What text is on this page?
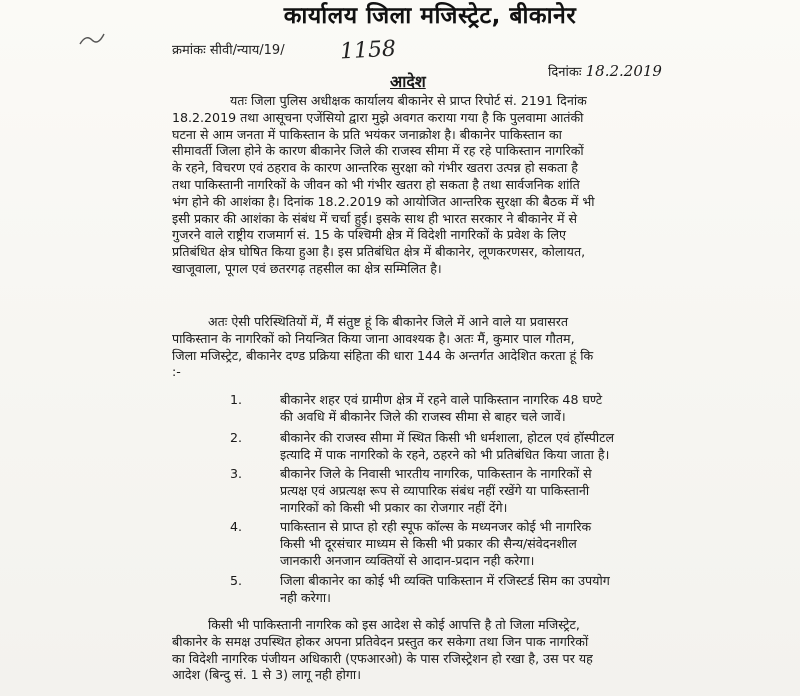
कार्यालय जिला मजिस्ट्रेट, बीकानेर
क्रमांकः सीवी/न्याय/19/ 1158
आदेश	दिनांकः 18.2.2019
यतः जिला पुलिस अधीक्षक कार्यालय बीकानेर से प्राप्त रिपोर्ट सं. 2191 दिनांक
18.2.2019 तथा आसूचना एजेंसियो द्वारा मुझे अवगत कराया गया है कि पुलवामा आतंकी
घटना से आम जनता में पाकिस्तान के प्रति भयंकर जनाक्रोश है। बीकानेर पाकिस्तान का
सीमावर्ती जिला होने के कारण बीकानेर जिले की राजस्व सीमा में रह रहे पाकिस्तान नागरिकों
के रहने, विचरण एवं ठहराव के कारण आन्तरिक सुरक्षा को गंभीर खतरा उत्पन्न हो सकता है
तथा पाकिस्तानी नागरिकों के जीवन को भी गंभीर खतरा हो सकता है तथा सार्वजनिक शांति
भंग होने की आशंका है। दिनांक 18.2.2019 को आयोजित आन्तरिक सुरक्षा की बैठक में भी
इसी प्रकार की आशंका के संबंध में चर्चा हुई। इसके साथ ही भारत सरकार ने बीकानेर में से
गुजरने वाले राष्ट्रीय राजमार्ग सं. 15 के पश्चिमी क्षेत्र में विदेशी नागरिकों के प्रवेश के लिए
प्रतिबंधित क्षेत्र घोषित किया हुआ है। इस प्रतिबंधित क्षेत्र में बीकानेर, लूणकरणसर, कोलायत,
खाजूवाला, पूगल एवं छतरगढ़ तहसील का क्षेत्र सम्मिलित है।
अतः ऐसी परिस्थितियों में, मैं संतुष्ट हूं कि बीकानेर जिले में आने वाले या प्रवासरत
पाकिस्तान के नागरिकों को नियन्त्रित किया जाना आवश्यक है। अतः मैं, कुमार पाल गौतम,
जिला मजिस्ट्रेट, बीकानेर दण्ड प्रक्रिया संहिता की धारा 144 के अन्तर्गत आदेशित करता हूं कि
:-
1.	बीकानेर शहर एवं ग्रामीण क्षेत्र में रहने वाले पाकिस्तान नागरिक 48 घण्टे
की अवधि में बीकानेर जिले की राजस्व सीमा से बाहर चले जावें।
2.	बीकानेर की राजस्व सीमा में स्थित किसी भी धर्मशाला, होटल एवं हॉस्पीटल
इत्यादि में पाक नागरिको के रहने, ठहरने को भी प्रतिबंधित किया जाता है।
3.	बीकानेर जिले के निवासी भारतीय नागरिक, पाकिस्तान के नागरिकों से
प्रत्यक्ष एवं अप्रत्यक्ष रूप से व्यापारिक संबंध नहीं रखेंगे या पाकिस्तानी
नागरिकों को किसी भी प्रकार का रोजगार नहीं देंगे।
4.	पाकिस्तान से प्राप्त हो रही स्पूफ कॉल्स के मध्यनजर कोई भी नागरिक
किसी भी दूरसंचार माध्यम से किसी भी प्रकार की सैन्य/संवेदनशील
जानकारी अनजान व्यक्तियों से आदान-प्रदान नही करेगा।
5.	जिला बीकानेर का कोई भी व्यक्ति पाकिस्तान में रजिस्टर्ड सिम का उपयोग
नही करेगा।
किसी भी पाकिस्तानी नागरिक को इस आदेश से कोई आपत्ति है तो जिला मजिस्ट्रेट,
बीकानेर के समक्ष उपस्थित होकर अपना प्रतिवेदन प्रस्तुत कर सकेगा तथा जिन पाक नागरिकों
का विदेशी नागरिक पंजीयन अधिकारी (एफआरओ) के पास रजिस्ट्रेशन हो रखा है, उस पर यह
आदेश (बिन्दु सं. 1 से 3) लागू नही होगा।
